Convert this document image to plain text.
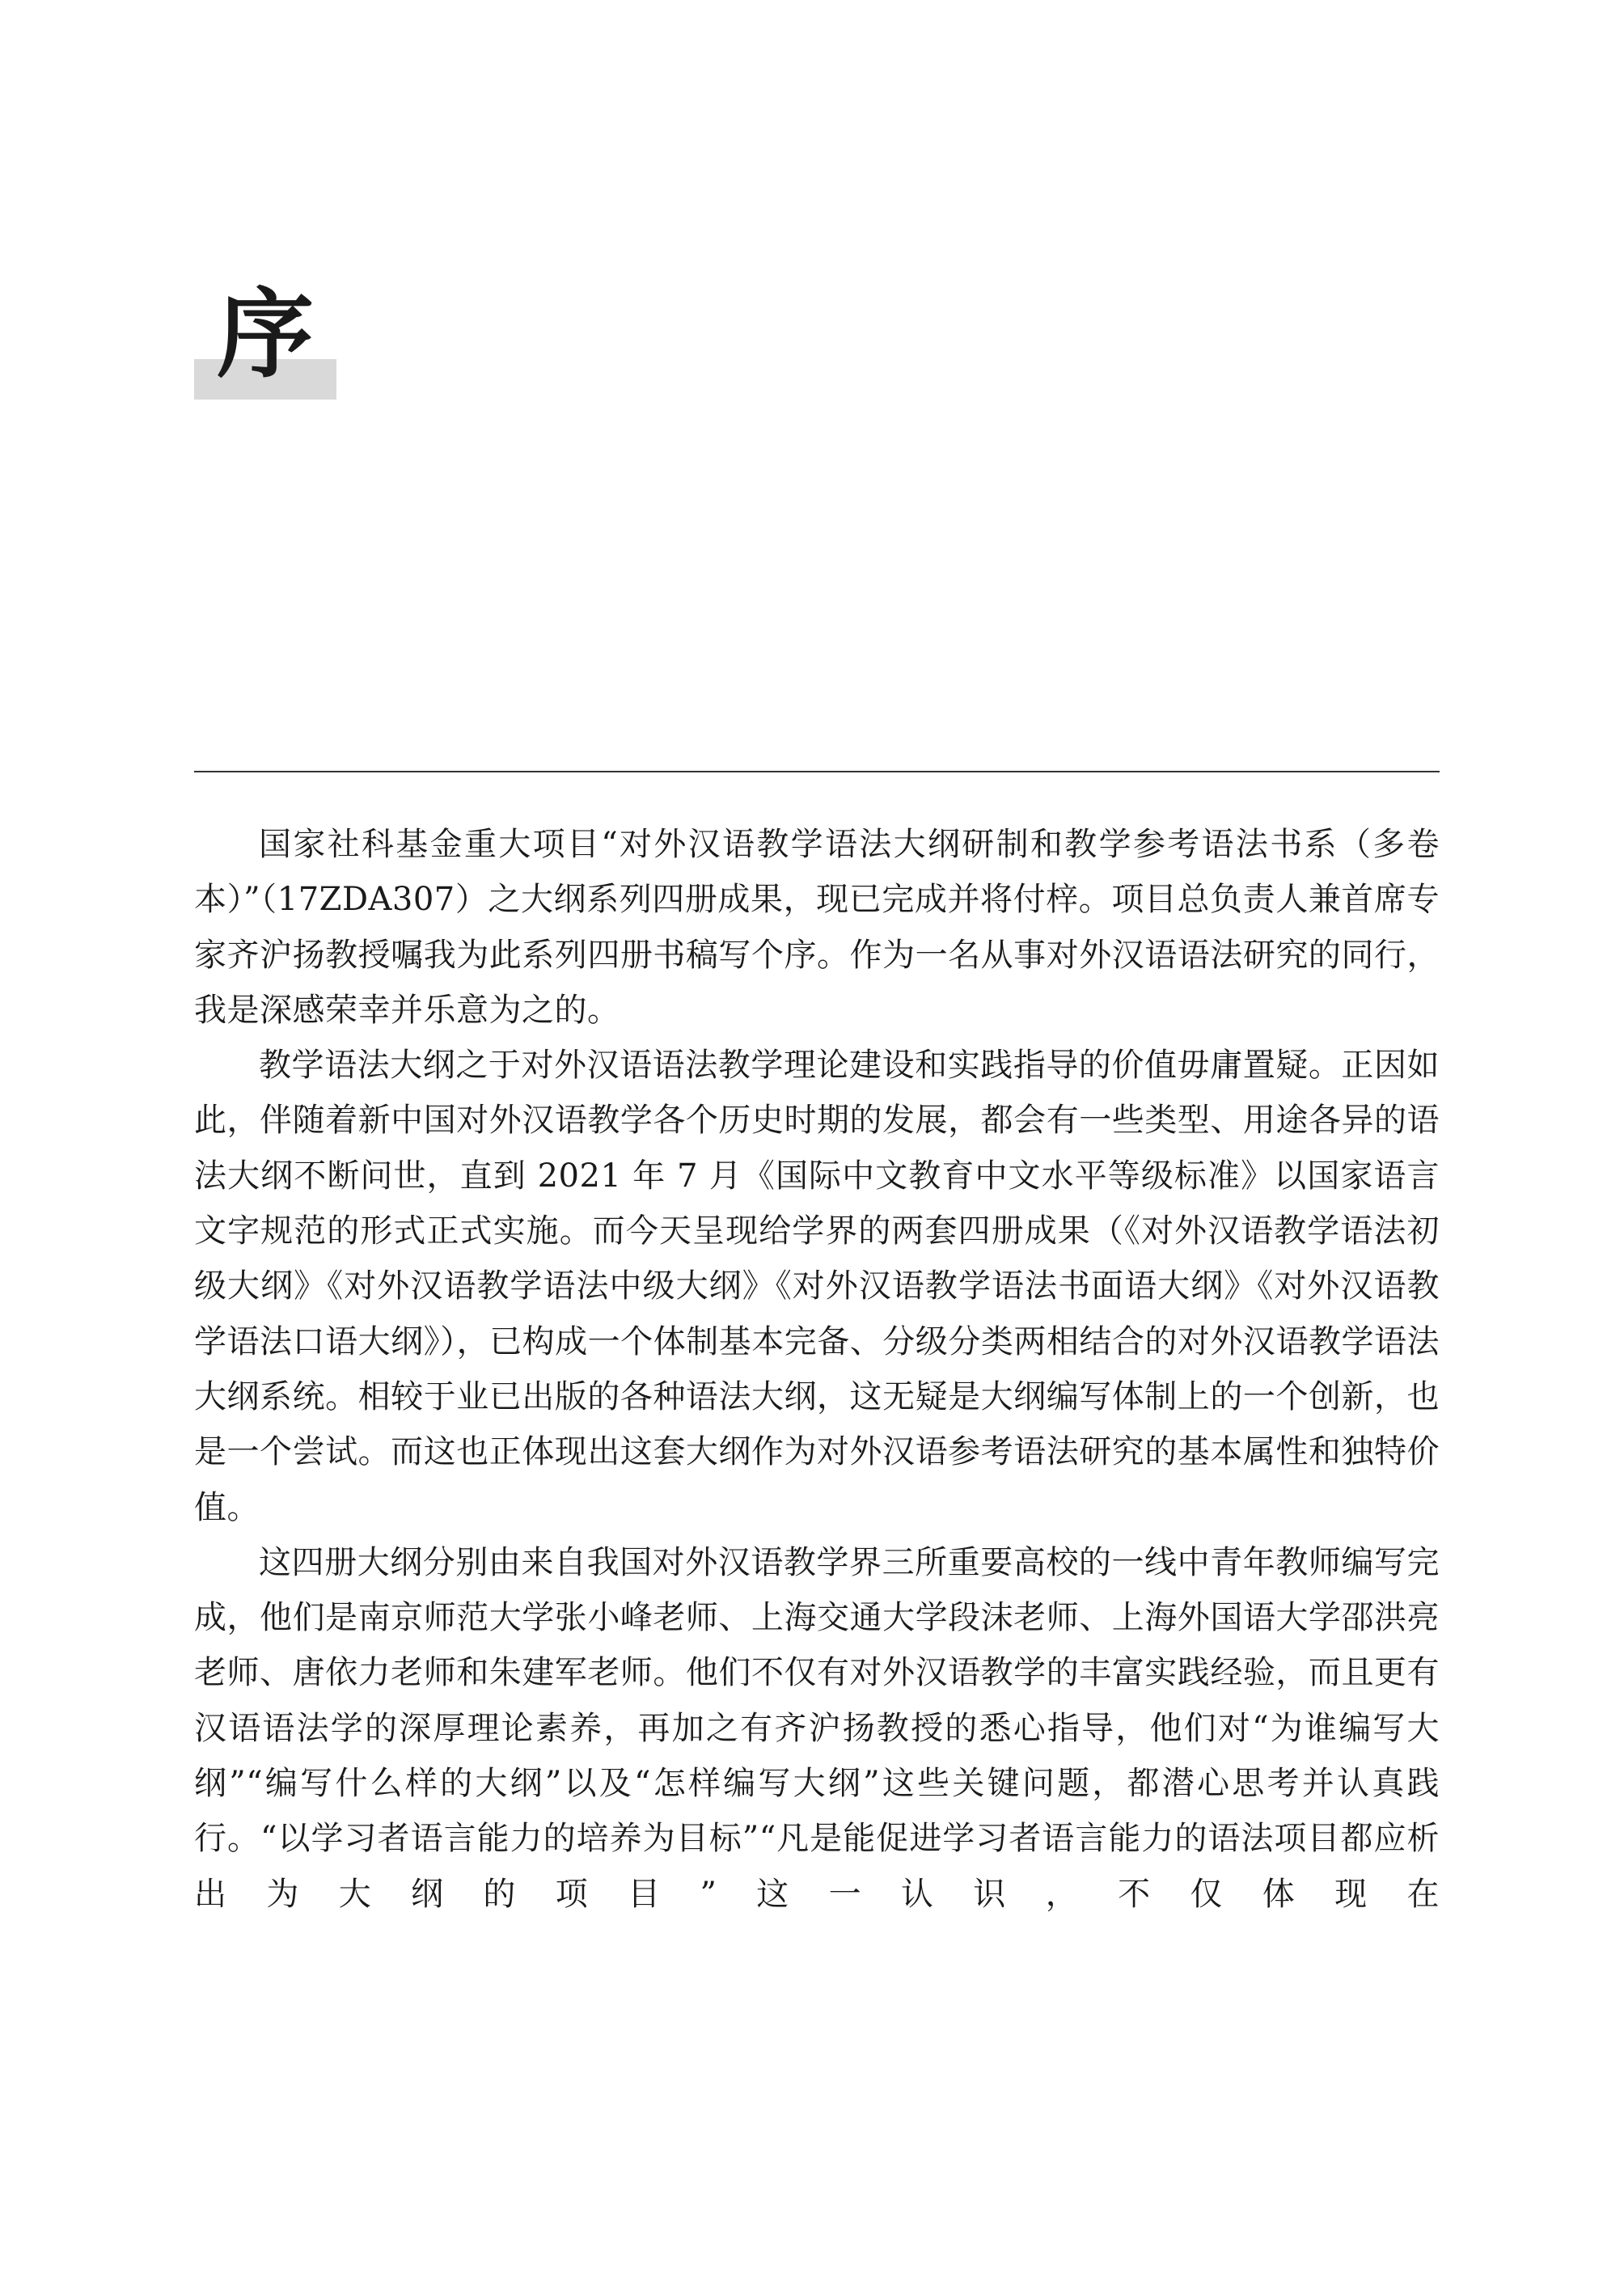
序

国家社科基金重大项目“对外汉语教学语法大纲研制和教学参考语法书系（多卷本）”（17ZDA307）之大纲系列四册成果，现已完成并将付梓。项目总负责人兼首席专家齐沪扬教授嘱我为此系列四册书稿写个序。作为一名从事对外汉语语法研究的同行，我是深感荣幸并乐意为之的。

教学语法大纲之于对外汉语语法教学理论建设和实践指导的价值毋庸置疑。正因如此，伴随着新中国对外汉语教学各个历史时期的发展，都会有一些类型、用途各异的语法大纲不断问世，直到 2021 年 7 月《国际中文教育中文水平等级标准》以国家语言文字规范的形式正式实施。而今天呈现给学界的两套四册成果（《对外汉语教学语法初级大纲》《对外汉语教学语法中级大纲》《对外汉语教学语法书面语大纲》《对外汉语教学语法口语大纲》），已构成一个体制基本完备、分级分类两相结合的对外汉语教学语法大纲系统。相较于业已出版的各种语法大纲，这无疑是大纲编写体制上的一个创新，也是一个尝试。而这也正体现出这套大纲作为对外汉语参考语法研究的基本属性和独特价值。

这四册大纲分别由来自我国对外汉语教学界三所重要高校的一线中青年教师编写完成，他们是南京师范大学张小峰老师、上海交通大学段沫老师、上海外国语大学邵洪亮老师、唐依力老师和朱建军老师。他们不仅有对外汉语教学的丰富实践经验，而且更有汉语语法学的深厚理论素养，再加之有齐沪扬教授的悉心指导，他们对“为谁编写大纲”“编写什么样的大纲”以及“怎样编写大纲”这些关键问题，都潜心思考并认真践行。“以学习者语言能力的培养为目标”“凡是能促进学习者语言能力的语法项目都应析出为大纲的项目”这一认识，不仅体现在
